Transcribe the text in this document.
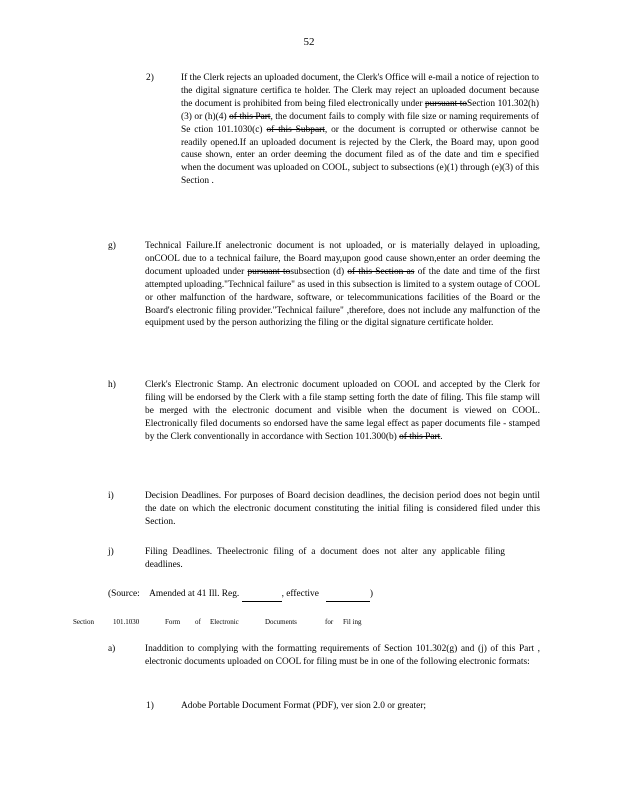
52
2)	If the Clerk rejects an uploaded document, the Clerk's Office will e-mail a notice of rejection to the digital signature certifica te holder. The Clerk may reject an uploaded document because the document is prohibited from being filed electronically under pursuant toSection 101.302(h)(3) or (h)(4) of this Part, the document fails to comply with file size or naming requirements of Se ction 101.1030(c) of this Subpart, or the document is corrupted or otherwise cannot be readily opened.If an uploaded document is rejected by the Clerk, the Board may, upon good cause shown, enter an order deeming the document filed as of the date and tim e specified when the document was uploaded on COOL, subject to subsections (e)(1) through (e)(3) of this Section .
g)	Technical Failure.If anelectronic document is not uploaded, or is materially delayed in uploading, onCOOL due to a technical failure, the Board may,upon good cause shown,enter an order deeming the document uploaded under pursuant tosubsection (d) of this Section as of the date and time of the first attempted uploading."Technical failure" as used in this subsection is limited to a system outage of COOL or other malfunction of the hardware, software, or telecommunications facilities of the Board or the Board's electronic filing provider."Technical failure" ,therefore, does not include any malfunction of the equipment used by the person authorizing the filing or the digital signature certificate holder.
h)	Clerk's Electronic Stamp. An electronic document uploaded on COOL and accepted by the Clerk for filing will be endorsed by the Clerk with a file stamp setting forth the date of filing. This file stamp will be merged with the electronic document and visible when the document is viewed on COOL. Electronically filed documents so endorsed have the same legal effect as paper documents file - stamped by the Clerk conventionally in accordance with Section 101.300(b) of this Part.
i)	Decision Deadlines. For purposes of Board decision deadlines, the decision period does not begin until the date on which the electronic document constituting the initial filing is considered filed under this Section.
j)	Filing Deadlines. Theelectronic filing of a document does not alter any applicable filing deadlines.
(Source: Amended at 41 Ill. Reg.	, effective	)
Section	101.1030	Form of Electronic	Documents	for Fil ing
a)	Inaddition to complying with the formatting requirements of Section 101.302(g) and (j) of this Part , electronic documents uploaded on COOL for filing must be in one of the following electronic formats:
1)	Adobe Portable Document Format (PDF), ver sion 2.0 or greater;
